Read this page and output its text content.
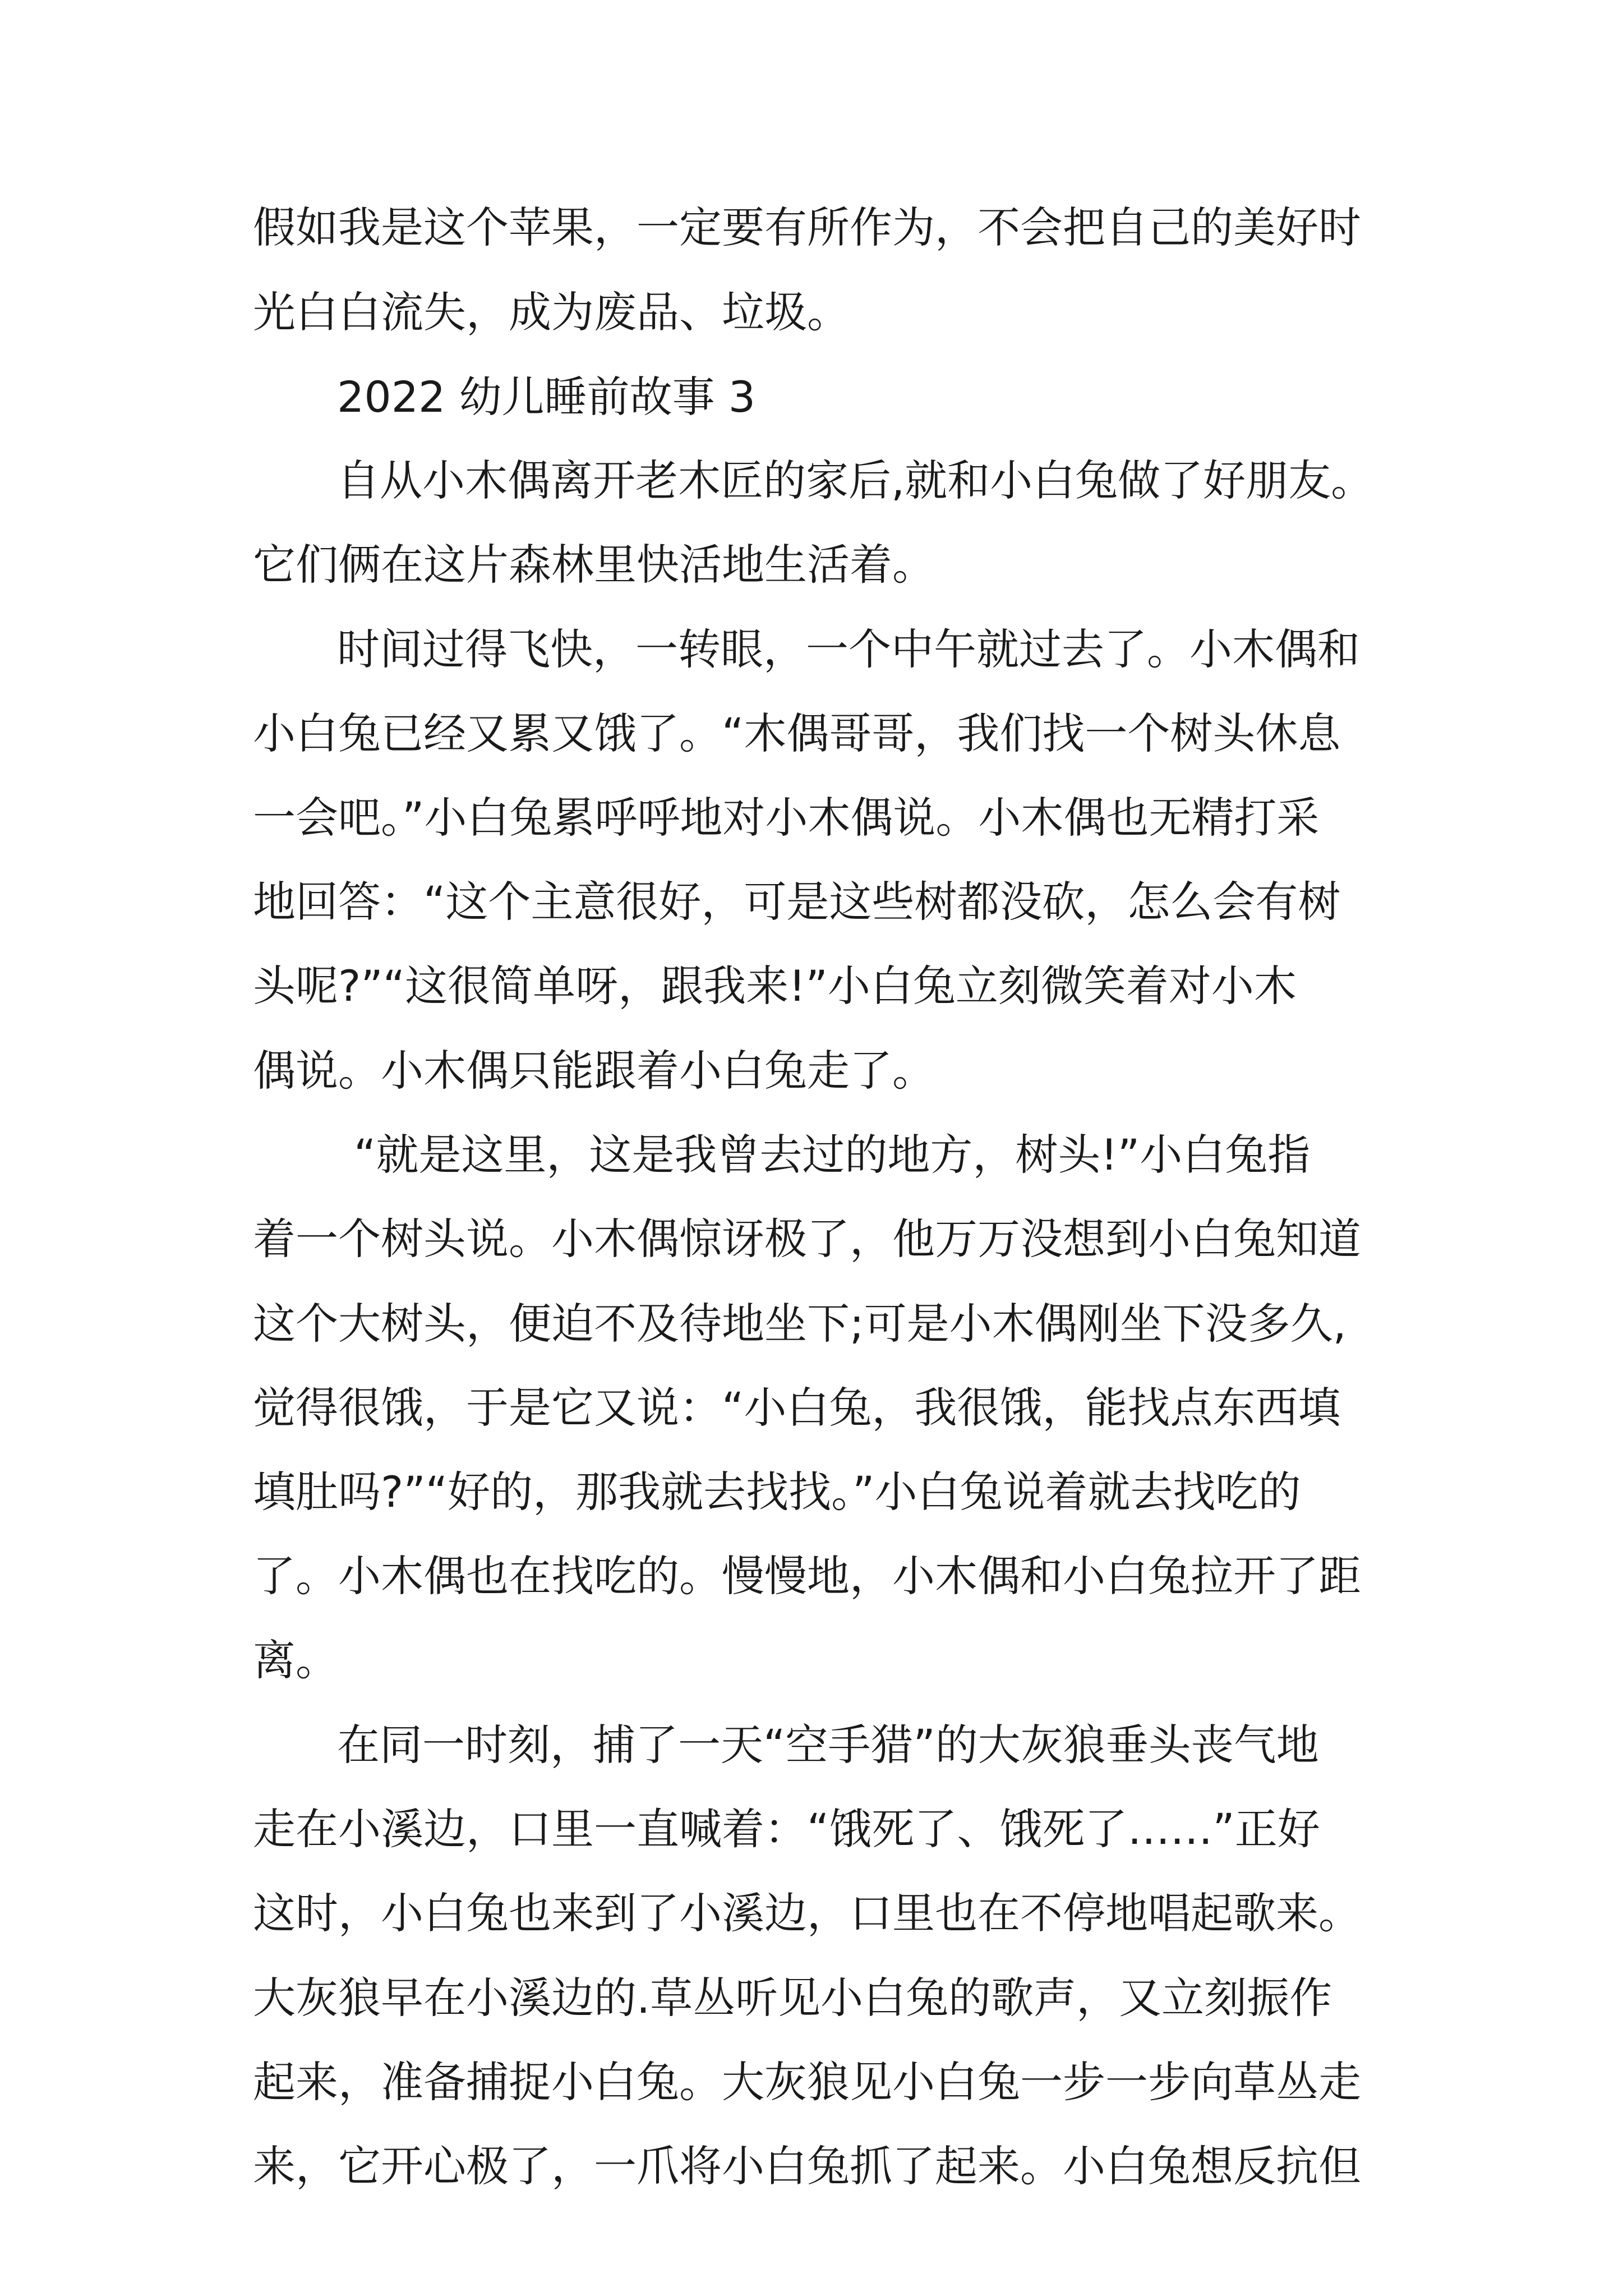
假如我是这个苹果，一定要有所作为，不会把自己的美好时
光白白流失，成为废品、垃圾。
2022 幼儿睡前故事 3
自从小木偶离开老木匠的家后,就和小白兔做了好朋友。
它们俩在这片森林里快活地生活着。
时间过得飞快，一转眼，一个中午就过去了。小木偶和
小白兔已经又累又饿了。“木偶哥哥，我们找一个树头休息
一会吧。”小白兔累呼呼地对小木偶说。小木偶也无精打采
地回答：“这个主意很好，可是这些树都没砍，怎么会有树
头呢?”“这很简单呀，跟我来!”小白兔立刻微笑着对小木
偶说。小木偶只能跟着小白兔走了。
“就是这里，这是我曾去过的地方，树头!”小白兔指
着一个树头说。小木偶惊讶极了，他万万没想到小白兔知道
这个大树头，便迫不及待地坐下;可是小木偶刚坐下没多久,
觉得很饿，于是它又说：“小白兔，我很饿，能找点东西填
填肚吗?”“好的，那我就去找找。”小白兔说着就去找吃的
了。小木偶也在找吃的。慢慢地，小木偶和小白兔拉开了距
离。
在同一时刻，捕了一天“空手猎”的大灰狼垂头丧气地
走在小溪边，口里一直喊着：“饿死了、饿死了……”正好
这时，小白兔也来到了小溪边，口里也在不停地唱起歌来。
大灰狼早在小溪边的.草丛听见小白兔的歌声，又立刻振作
起来，准备捕捉小白兔。大灰狼见小白兔一步一步向草丛走
来，它开心极了，一爪将小白兔抓了起来。小白兔想反抗但
